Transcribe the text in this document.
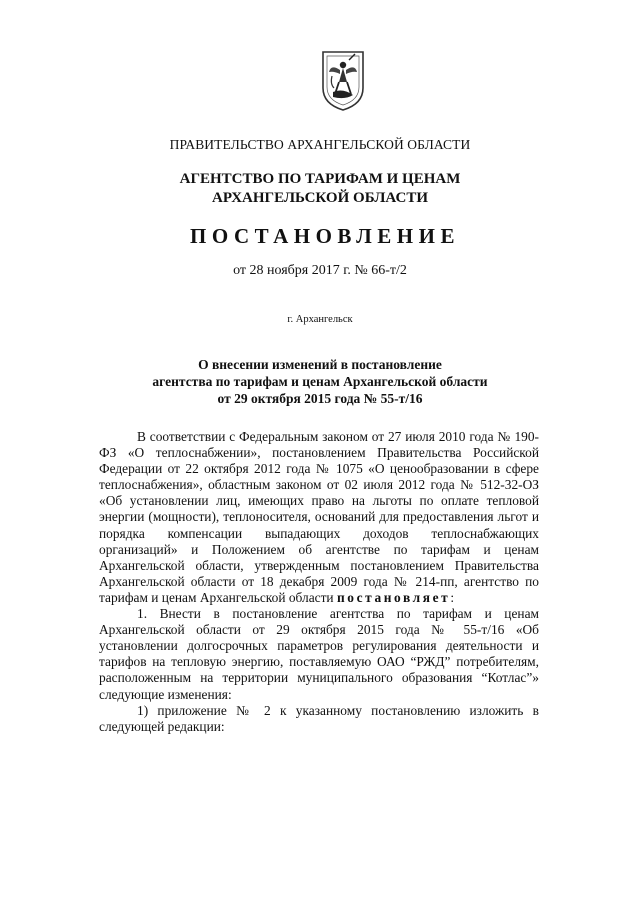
ПРАВИТЕЛЬСТВО АРХАНГЕЛЬСКОЙ ОБЛАСТИ
АГЕНТСТВО ПО ТАРИФАМ И ЦЕНАМ
АРХАНГЕЛЬСКОЙ ОБЛАСТИ
ПОСТАНОВЛЕНИЕ
от 28 ноября 2017 г. № 66-т/2
г. Архангельск
О внесении изменений в постановление
агентства по тарифам и ценам Архангельской области
от 29 октября 2015 года № 55-т/16

В соответствии с Федеральным законом от 27 июля 2010 года № 190-ФЗ «О теплоснабжении», постановлением Правительства Российской Федерации от 22 октября 2012 года № 1075 «О ценообразовании в сфере теплоснабжения», областным законом от 02 июля 2012 года № 512-32-ОЗ «Об установлении лиц, имеющих право на льготы по оплате тепловой энергии (мощности), теплоносителя, оснований для предоставления льгот и порядка компенсации выпадающих доходов теплоснабжающих организаций» и Положением об агентстве по тарифам и ценам Архангельской области, утвержденным постановлением Правительства Архангельской области от 18 декабря 2009 года № 214-пп, агентство по тарифам и ценам Архангельской области постановляет:

1. Внести в постановление агентства по тарифам и ценам Архангельской области от 29 октября 2015 года № 55-т/16 «Об установлении долгосрочных параметров регулирования деятельности и тарифов на тепловую энергию, поставляемую ОАО “РЖД” потребителям, расположенным на территории муниципального образования “Котлас”» следующие изменения:

1) приложение № 2 к указанному постановлению изложить в следующей редакции:
